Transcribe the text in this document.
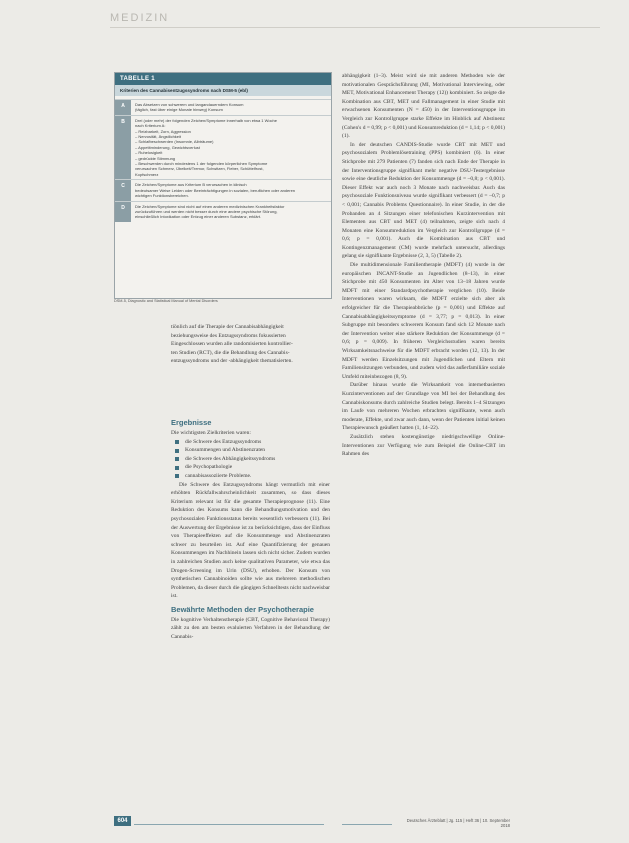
MEDIZIN
TABELLE 1
Kriterien des Cannabisentzugssyndroms nach DSM-5 (ebl)
A	Das Absetzen von schwerem und langandauerndem Konsum
(täglich, fast über einige Monate hinweg) Konsum
B	Drei (oder mehr) der folgenden Zeichen/Symptome innerhalb von etwa 1 Woche
nach Kriterium A:
– Reizbarkeit, Zorn, Aggression
– Nervosität, Ängstlichkeit
– Schlafbeschwerden (Insomnie, Albträume)
– Appetitminderung, Gewichtsverlust
– Ruhelosigkeit
– gedrückte Stimmung
– Beschwerden durch mindestens 1 der folgenden körperlichen Symptome
verursachen Schmerz, Übelkeit/Tremor, Schwitzen, Fieber, Schüttelfrost,
Kopfschmerz
C	Die Zeichen/Symptome aus Kriterium B verursachen in klinisch
bedeutsamer Weise Leiden oder Beeinträchtigungen in sozialen, beruflichen oder anderen
wichtigen Funktionsbereichen.
D	Die Zeichen/Symptome sind nicht auf einen anderen medizinischen Krankheitsfaktor
zurückzuführen und werden nicht besser durch eine andere psychische Störung,
einschließlich Intoxikation oder Entzug einer anderen Substanz, erklärt.
DSM-5, Diagnostic and Statistical Manual of Mental Disorders

tiönlich auf die Therapie der Cannabisabhängigkeit
beziehungsweise des Entzugssyndroms fokussierten
Eingeschlossen wurden alle randomisierten kontrollier-
ten Studien (RCT), die die Behandlung des Cannabis-
entzugssyndroms und der -abhängigkeit thematisierten.

Ergebnisse

Die wichtigsten Zielkriterien waren:

die Schwere des Entzugssyndroms
Konsummengen und Abstinenzraten
die Schwere des Abhängigkeitssyndroms
die Psychopathologie
cannabisassoziierte Probleme.

Die Schwere des Entzugssyndroms hängt vermutlich mit einer erhöhten Rückfallwahrscheinlichkeit zusammen, so dass dieses Kriterium relevant ist für die gesamte Therapieprognose (11). Eine Reduktion des Konsums kann die Behandlungsmotivation und den psychosozialen Funktionsstatus bereits wesentlich verbessern (11). Bei der Auswertung der Ergebnisse ist zu berücksichtigen, dass der Einfluss von Therapieeffekten auf die Konsummenge und Abstinenzraten schwer zu beurteilen ist. Auf eine Quantifizierung der genauen Konsummengen im Nachhinein lassen sich nicht sicher. Zudem wurden in zahlreichen Studien auch keine qualitativen Parameter, wie etwa das Drogen-Screening im Urin (DSU), erhoben. Der Konsum von synthetischen Cannabinoiden sollte wie aus mehreren methodischen Problemen, da dieser durch die gängigen Schnelltests nicht nachweisbar ist.

Bewährte Methoden der Psychotherapie

Die kognitive Verhaltenstherapie (CBT, Cognitive Behavioral Therapy) zählt zu den am besten evaluierten Verfahren in der Behandlung der Cannabis-

abhängigkeit (1–3). Meist wird sie mit anderen Methoden wie der motivationalen Gesprächsführung (MI, Motivational Interviewing, oder MET, Motivational Enhancement Therapy (12)) kombiniert. So zeigte die Kombination aus CBT, MET und Fallmanagement in einer Studie mit erwachsenen Konsumenten (N = 450) in der Interventionsgruppe im Vergleich zur Kontrollgruppe starke Effekte im Hinblick auf Abstinenz (Cohen's d = 0,99; p < 0,001) und Konsumreduktion (d = 1,14; p < 0,001) (1).

In der deutschen CANDIS-Studie wurde CBT mit MET und psychosozialem Problemlösetraining (PPS) kombiniert (6). In einer Stichprobe mit 279 Patienten (7) fanden sich nach Ende der Therapie in der Interventionsgruppe signifikant mehr negative DSU-Testergebnisse sowie eine deutliche Reduktion der Konsummenge (d = –0,8; p < 0,001). Dieser Effekt war auch noch 3 Monate nach nachweisbar. Auch das psychosoziale Funktionsniveau wurde signifikant verbessert (d = –0,7; p < 0,001; Cannabis Problems Questionnaire). In einer Studie, in der die Probanden an 4 Sitzungen einer telefonischen Kurzintervention mit Elementen aus CBT und MET (4) teilnahmen, zeigte sich nach 4 Monaten eine Konsumreduktion im Vergleich zur Kontrollgruppe (d = 0,6; p = 0,001). Auch die Kombination aus CBT und Kontingenzmanagement (CM) wurde mehrfach untersucht, allerdings gelang sie signifikante Ergebnisse (2, 3, 5) (Tabelle 2).

Die multidimensionale Familientherapie (MDFT) (4) wurde in der europäischen INCANT-Studie an Jugendlichen (8–13), in einer Stichprobe mit 450 Konsumenten im Alter von 13–18 Jahren wurde MDFT mit einer Standardpsychotherapie verglichen (10). Beide Interventionen waren wirksam, die MDFT erzielte sich aber als erfolgreicher für die Therapieabbrüche (p = 0,001) und Effekte auf Cannabisabhängigkeitssymptome (d = 3,77; p = 0,013). In einer Subgruppe mit besonders schwerem Konsum fand sich 12 Monate nach der Intervention weiter eine stärkere Reduktion der Konsummenge (d = 0,6; p = 0,009). In früheren Vergleichsstudien waren bereits Wirksamkeitsnachweise für die MDFT erbracht worden (12, 13). In der MDFT werden Einzelsitzungen mit Jugendlichen und Eltern mit Familiensitzungen verbunden, und zudem wird das außerfamiliäre soziale Umfeld miteinbezogen (8, 9).

Darüber hinaus wurde die Wirksamkeit von internetbasierten Kurzinterventionen auf der Grundlage von MI bei der Behandlung des Cannabiskonsums durch zahlreiche Studien belegt. Bereits 1–4 Sitzungen im Laufe von mehreren Wochen erbrachten signifikante, wenn auch moderate, Effekte, und zwar auch dann, wenn der Patienten initial keinen Therapiewunsch geäußert hatten (1, 14–22).

Zusätzlich stehen kostengünstige niedrigschwellige Online-Interventionen zur Verfügung wie zum Beispiel die Online-CBT im Rahmen des

604	Deutsches Ärzteblatt | Jg. 115 | Heft 36 | 10. September 2018
